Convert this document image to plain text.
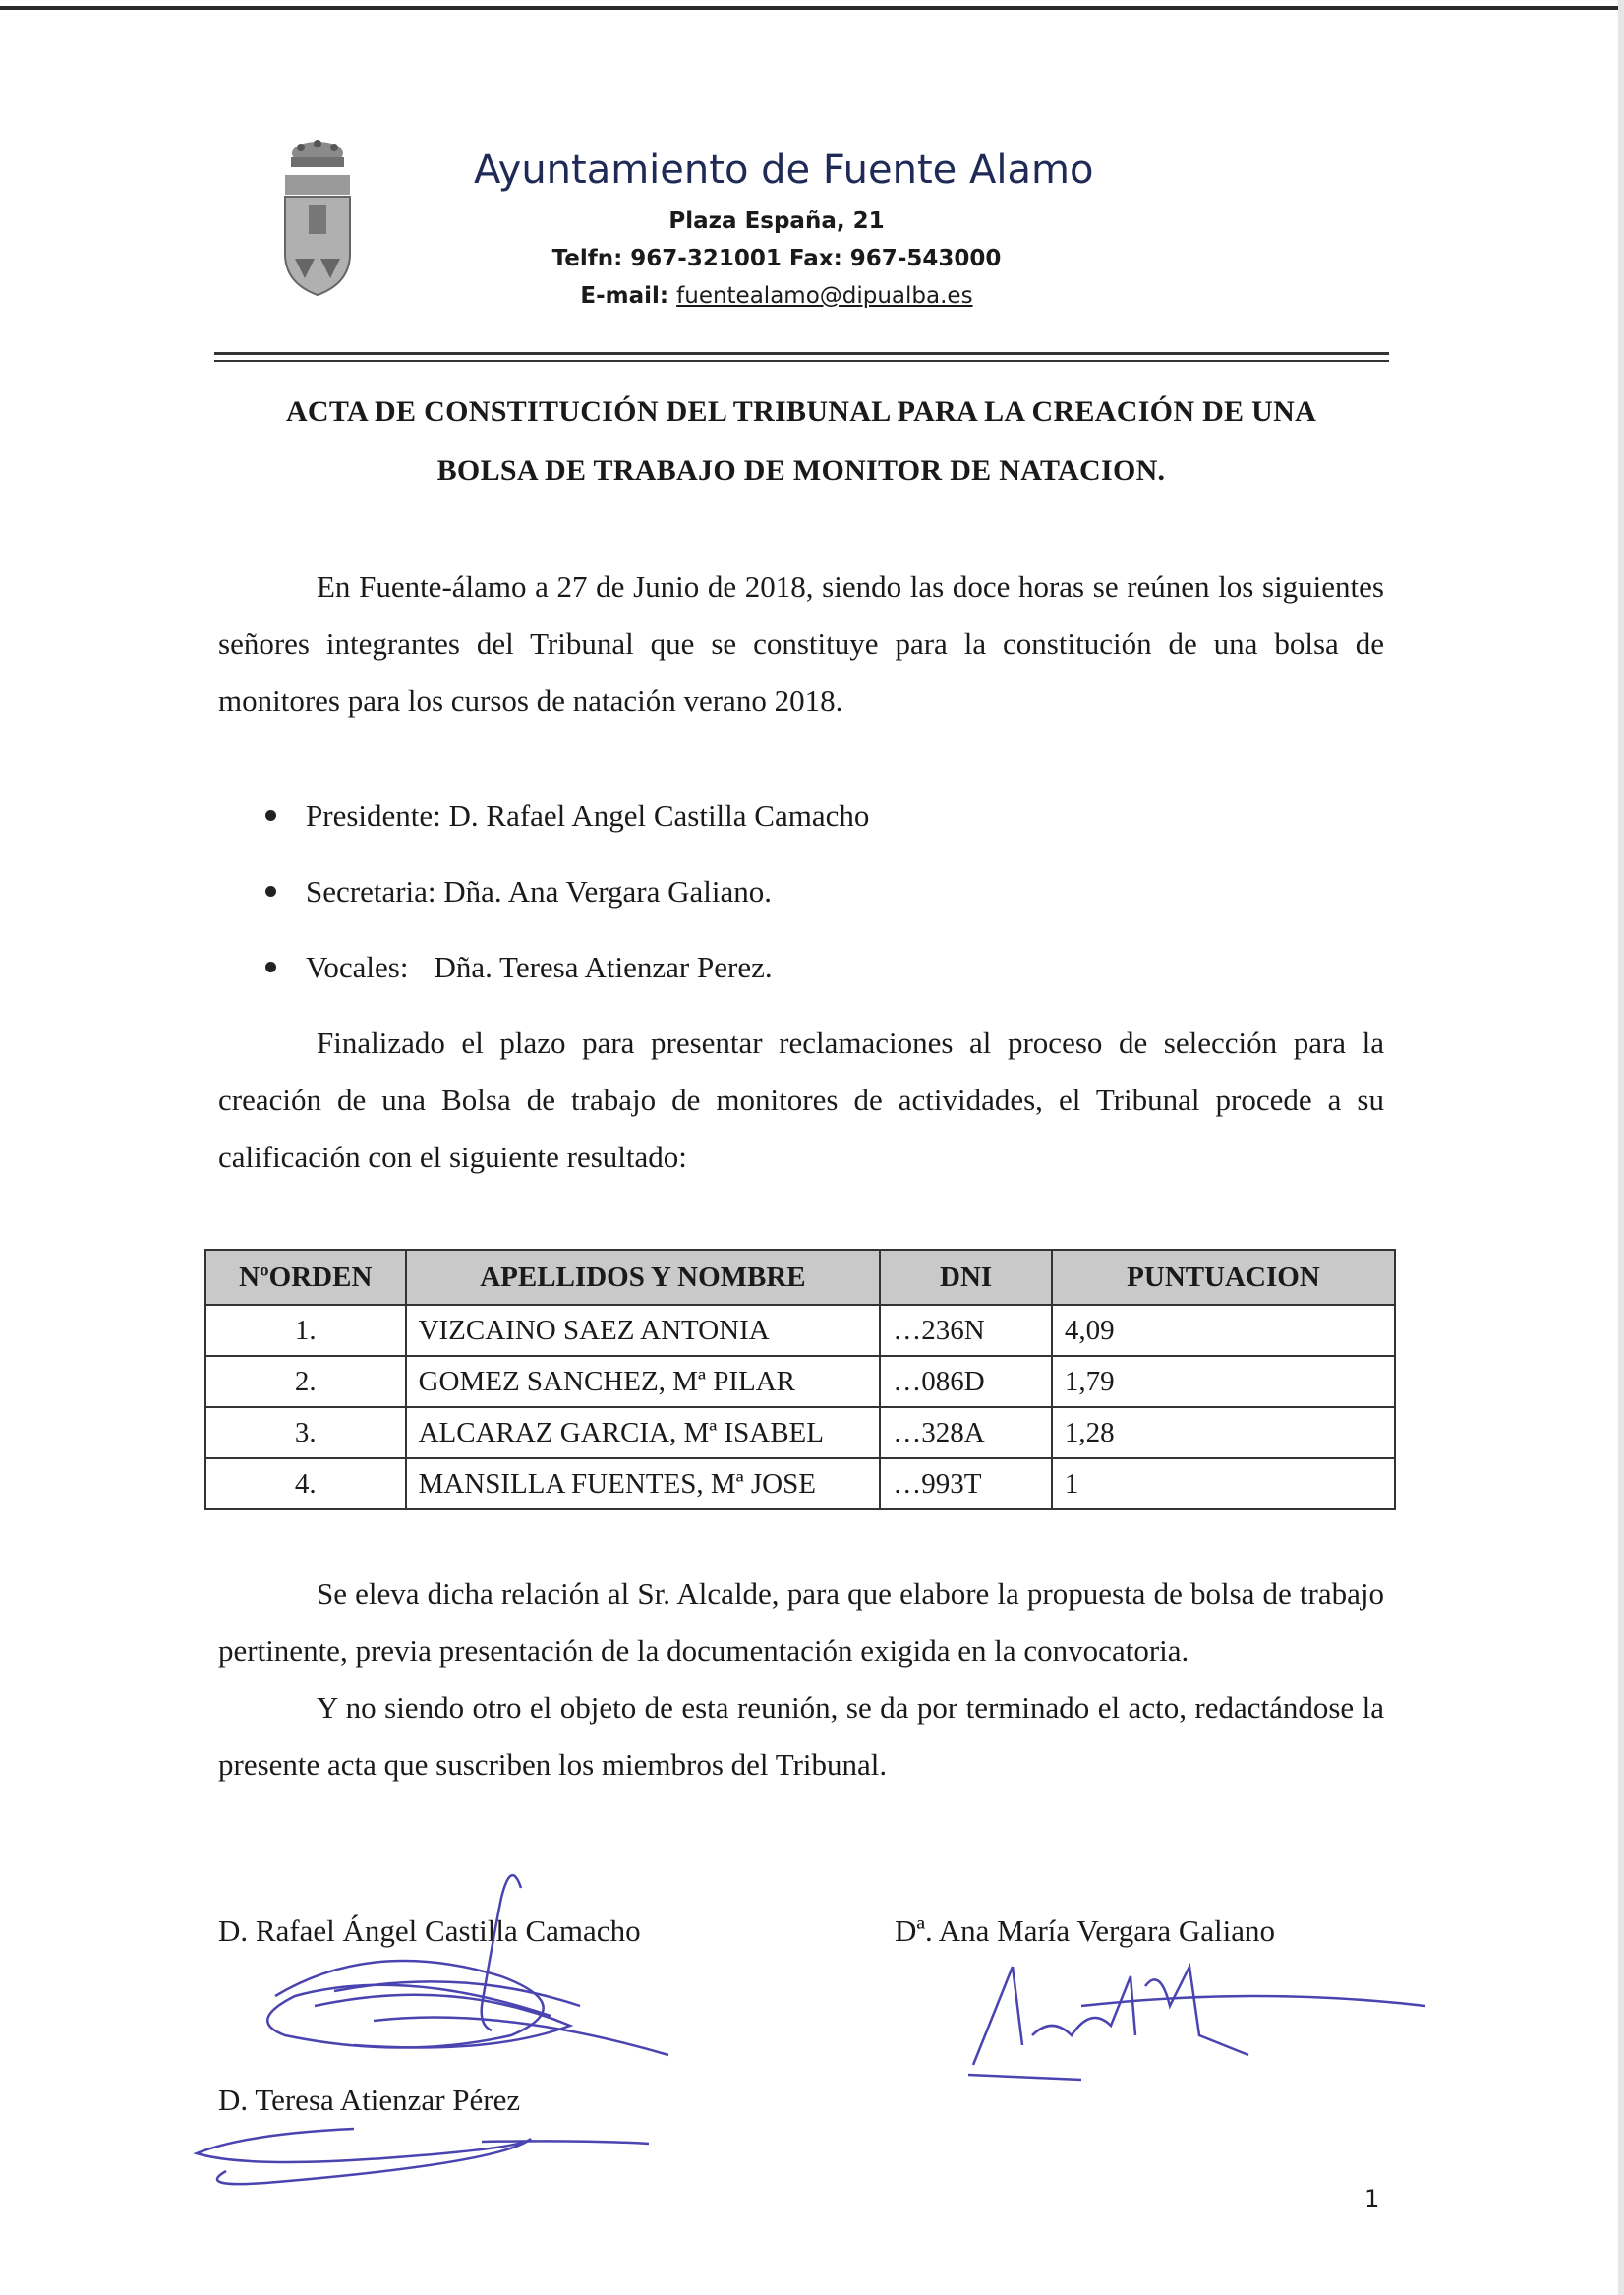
Ayuntamiento de Fuente Alamo
Plaza España, 21
Telfn: 967-321001 Fax: 967-543000
E-mail: fuentealamo@dipualba.es
ACTA DE CONSTITUCIÓN DEL TRIBUNAL PARA LA CREACIÓN DE UNA
BOLSA DE TRABAJO DE MONITOR DE NATACION.
En Fuente-álamo a 27 de Junio de 2018, siendo las doce horas se reúnen los siguientes señores integrantes del Tribunal que se constituye para la constitución de una bolsa de monitores para los cursos de natación verano 2018.
Presidente: D. Rafael Angel Castilla Camacho
Secretaria: Dña. Ana Vergara Galiano.
Vocales: Dña. Teresa Atienzar Perez.
Finalizado el plazo para presentar reclamaciones al proceso de selección para la creación de una Bolsa de trabajo de monitores de actividades, el Tribunal procede a su calificación con el siguiente resultado:
NºORDEN	APELLIDOS Y NOMBRE	DNI	PUNTUACION
1.	VIZCAINO SAEZ ANTONIA	…236N	4,09
2.	GOMEZ SANCHEZ, Mª PILAR	…086D	1,79
3.	ALCARAZ GARCIA, Mª ISABEL	…328A	1,28
4.	MANSILLA FUENTES, Mª JOSE	…993T	1
Se eleva dicha relación al Sr. Alcalde, para que elabore la propuesta de bolsa de trabajo pertinente, previa presentación de la documentación exigida en la convocatoria.
Y no siendo otro el objeto de esta reunión, se da por terminado el acto, redactándose la presente acta que suscriben los miembros del Tribunal.
D. Rafael Ángel Castilla Camacho	Dª. Ana María Vergara Galiano
D. Teresa Atienzar Pérez
1
